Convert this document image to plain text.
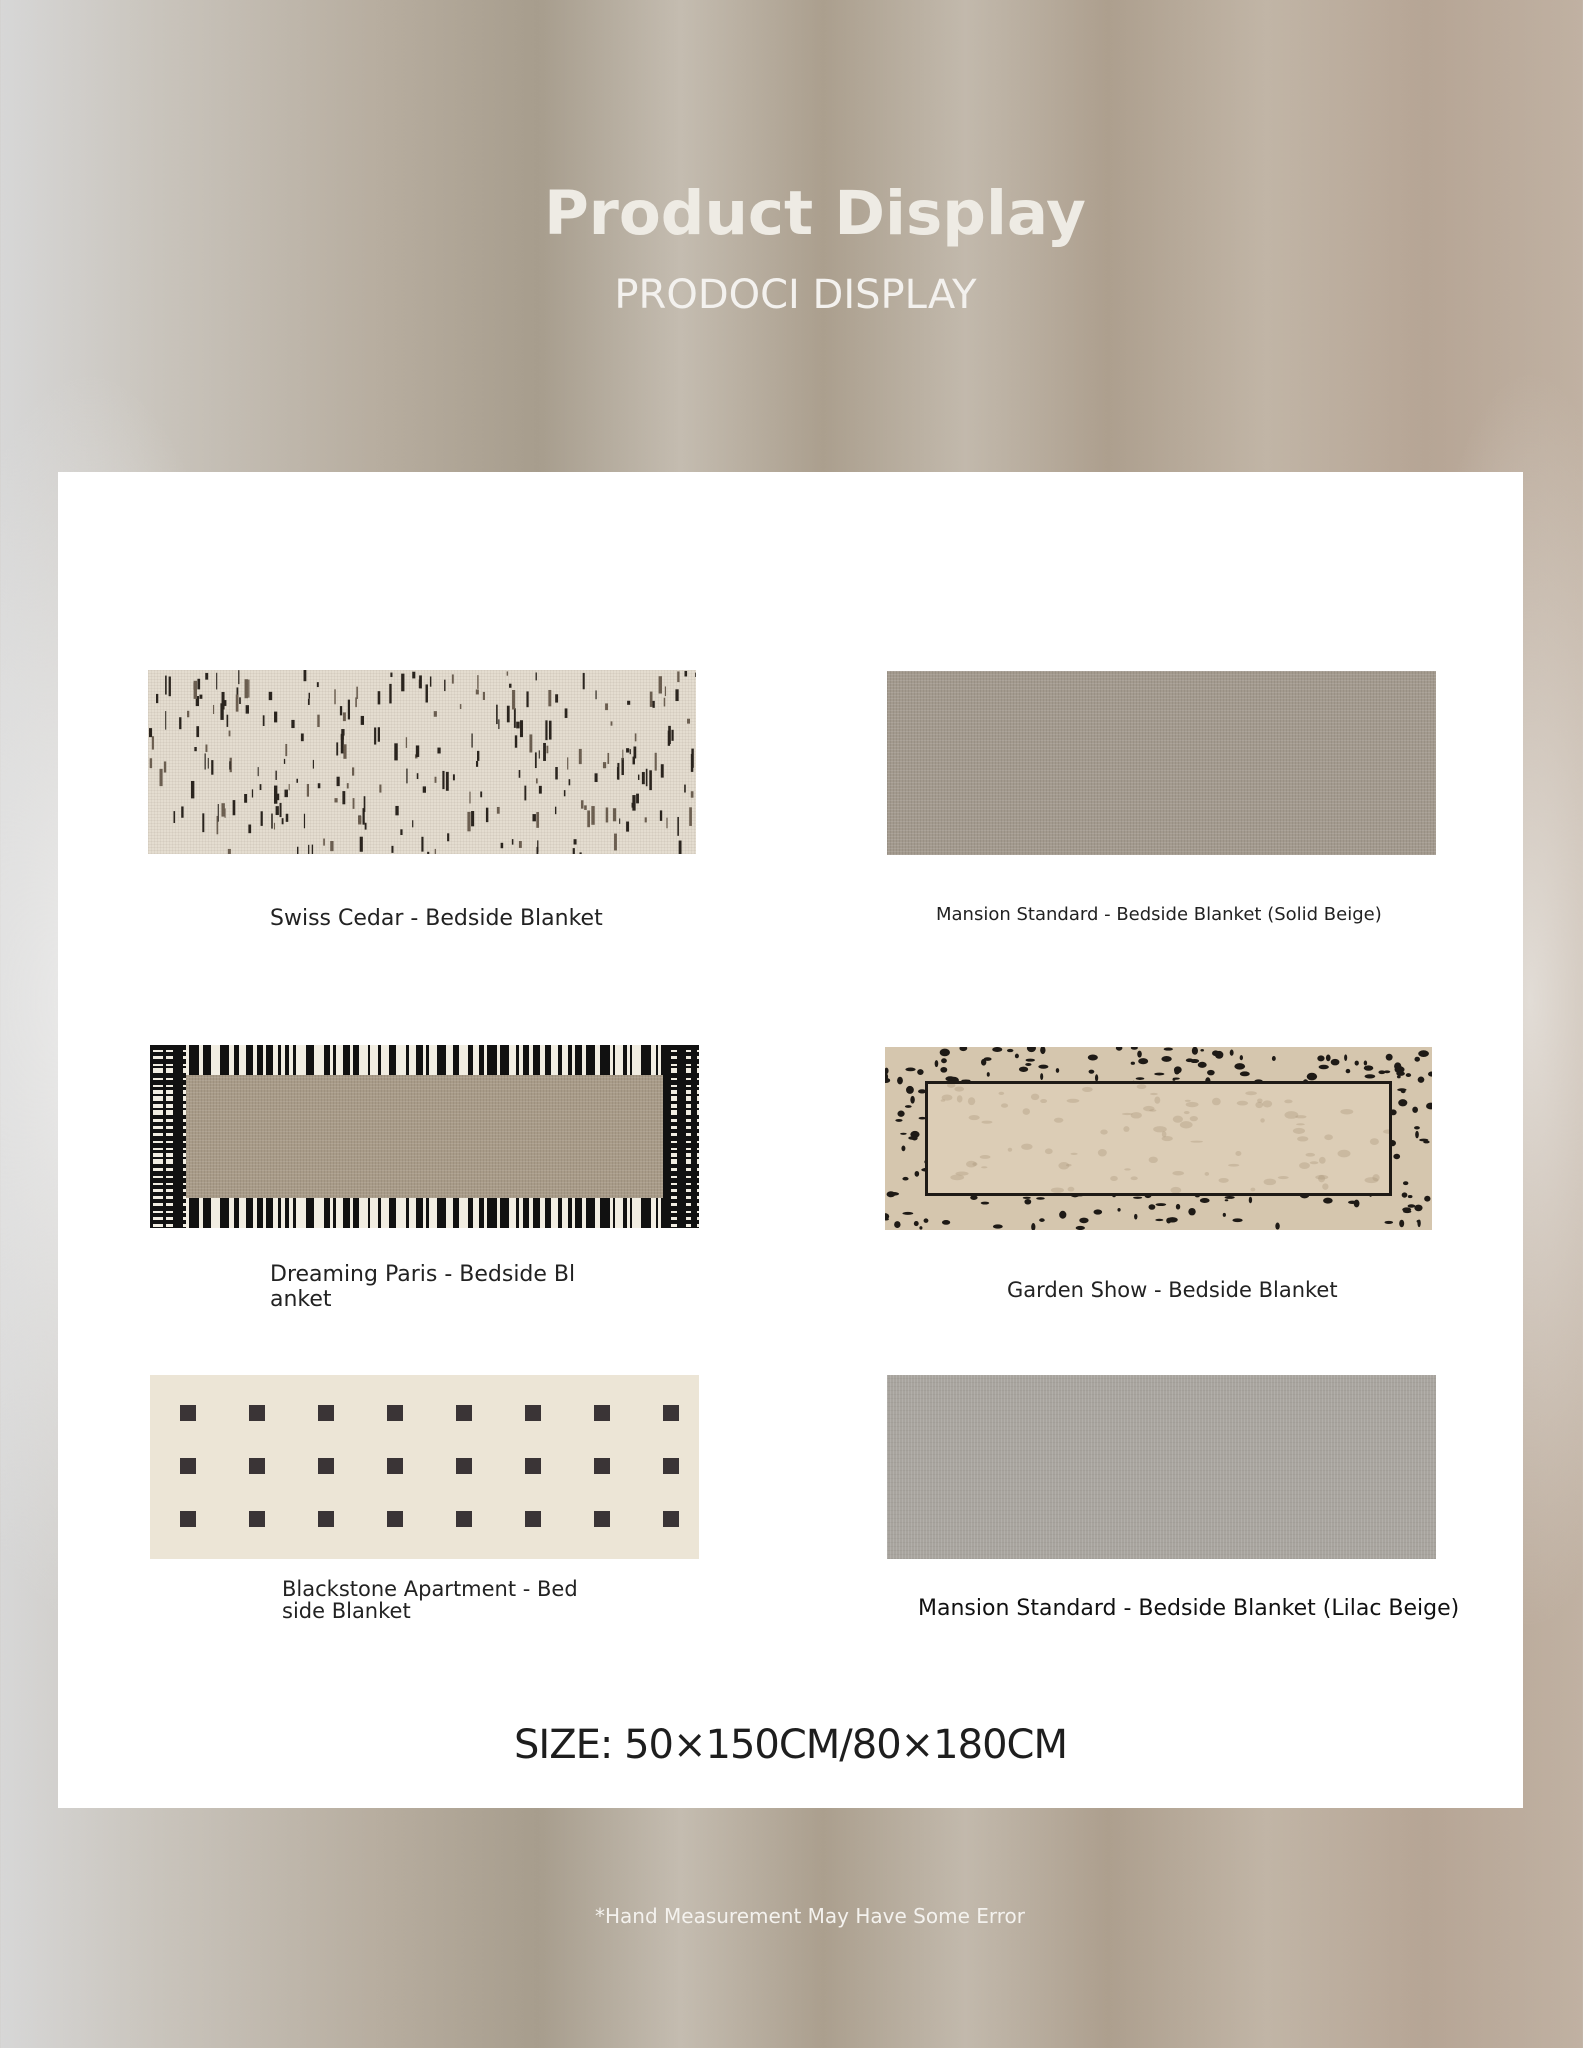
Product Display
PRODOCI DISPLAY
Swiss Cedar - Bedside Blanket	Mansion Standard - Bedside Blanket (Solid Beige)
Dreaming Paris - Bedside Bl
anket	Garden Show - Bedside Blanket
Blackstone Apartment - Bed
side Blanket	Mansion Standard - Bedside Blanket (Lilac Beige)
SIZE: 50×150CM/80×180CM
*Hand Measurement May Have Some Error
